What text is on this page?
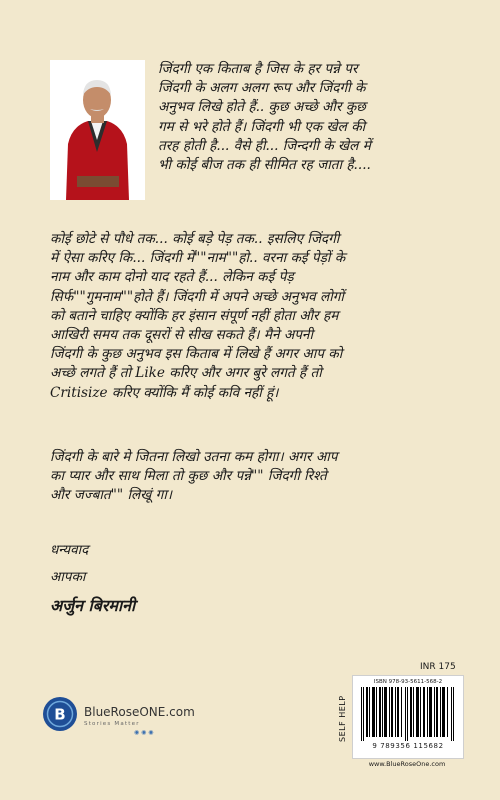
जिंदगी एक किताब है जिस के हर पन्ने पर
जिंदगी के अलग अलग रूप और जिंदगी के
अनुभव लिखे होते हैं.. कुछ अच्छे और कुछ
गम से भरे होते हैं। जिंदगी भी एक खेल की
तरह होती है... वैसे ही... जिन्दगी के खेल में
भी कोई बीज तक ही सीमित रह जाता है....
कोई छोटे से पौधे तक... कोई बड़े पेड़ तक.. इसलिए जिंदगी
में ऐसा करिए कि... जिंदगी में""नाम""हो.. वरना कई पेड़ों के
नाम और काम दोनो याद रहते हैं... लेकिन कई पेड़
सिर्फ""गुमनाम""होते हैं। जिंदगी में अपने अच्छे अनुभव लोगों
को बताने चाहिए क्योंकि हर इंसान संपूर्ण नहीं होता और हम
आखिरी समय तक दूसरों से सीख सकते हैं। मैने अपनी
जिंदगी के कुछ अनुभव इस किताब में लिखे हैं अगर आप को
अच्छे लगते हैं तो Like करिए और अगर बुरे लगते हैं तो
Critisize करिए क्योंकि मैं कोई कवि नहीं हूं।
जिंदगी के बारे मे जितना लिखो उतना कम होगा। अगर आप
का प्यार और साथ मिला तो कुछ और पन्ने"" जिंदगी रिश्ते
और जज्बात"" लिखूं गा।
धन्यवाद
आपका
अर्जुन बिरमानी
INR 175
B BlueRoseONE.com
Stories Matter
◉ ◉ ◉	SELF HELP
ISBN 978-93-5611-568-2
9 789356 115682
www.BlueRoseOne.com
